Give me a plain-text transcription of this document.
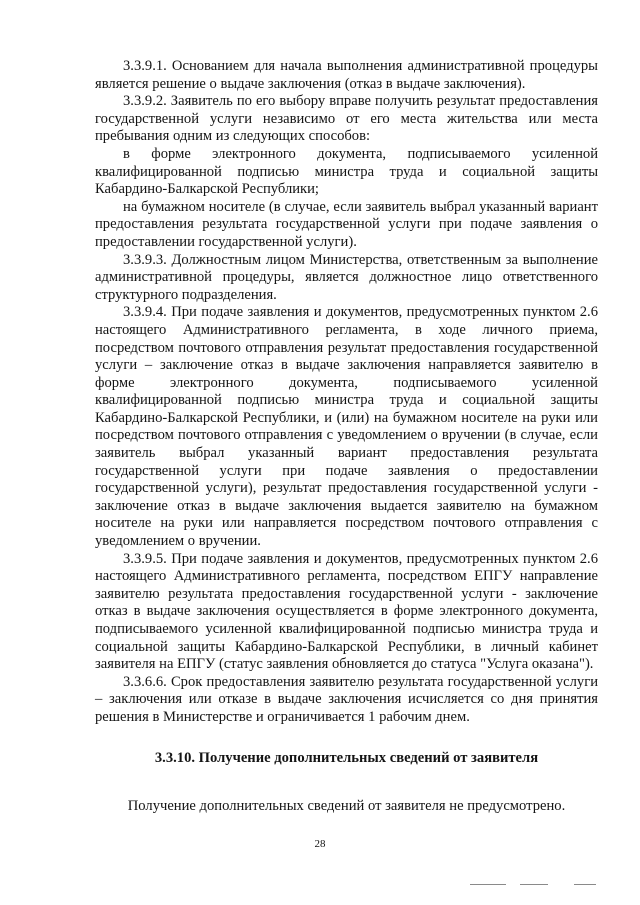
3.3.9.1. Основанием для начала выполнения административной процедуры является решение о выдаче заключения (отказ в выдаче заключения).

3.3.9.2. Заявитель по его выбору вправе получить результат предоставления государственной услуги независимо от его места жительства или места пребывания одним из следующих способов:

в форме электронного документа, подписываемого усиленной квалифицированной подписью министра труда и социальной защиты Кабардино-Балкарской Республики;

на бумажном носителе (в случае, если заявитель выбрал указанный вариант предоставления результата государственной услуги при подаче заявления о предоставлении государственной услуги).

3.3.9.3. Должностным лицом Министерства, ответственным за выполнение административной процедуры, является должностное лицо ответственного структурного подразделения.

3.3.9.4. При подаче заявления и документов, предусмотренных пунктом 2.6 настоящего Административного регламента, в ходе личного приема, посредством почтового отправления результат предоставления государственной услуги – заключение отказ в выдаче заключения направляется заявителю в форме электронного документа, подписываемого усиленной квалифицированной подписью министра труда и социальной защиты Кабардино-Балкарской Республики, и (или) на бумажном носителе на руки или посредством почтового отправления с уведомлением о вручении (в случае, если заявитель выбрал указанный вариант предоставления результата государственной услуги при подаче заявления о предоставлении государственной услуги), результат предоставления государственной услуги - заключение отказ в выдаче заключения выдается заявителю на бумажном носителе на руки или направляется посредством почтового отправления с уведомлением о вручении.

3.3.9.5. При подаче заявления и документов, предусмотренных пунктом 2.6 настоящего Административного регламента, посредством ЕПГУ направление заявителю результата предоставления государственной услуги - заключение отказ в выдаче заключения осуществляется в форме электронного документа, подписываемого усиленной квалифицированной подписью министра труда и социальной защиты Кабардино-Балкарской Республики, в личный кабинет заявителя на ЕПГУ (статус заявления обновляется до статуса "Услуга оказана").

3.3.6.6. Срок предоставления заявителю результата государственной услуги – заключения или отказе в выдаче заключения исчисляется со дня принятия решения в Министерстве и ограничивается 1 рабочим днем.

3.3.10. Получение дополнительных сведений от заявителя

Получение дополнительных сведений от заявителя не предусмотрено.

28
